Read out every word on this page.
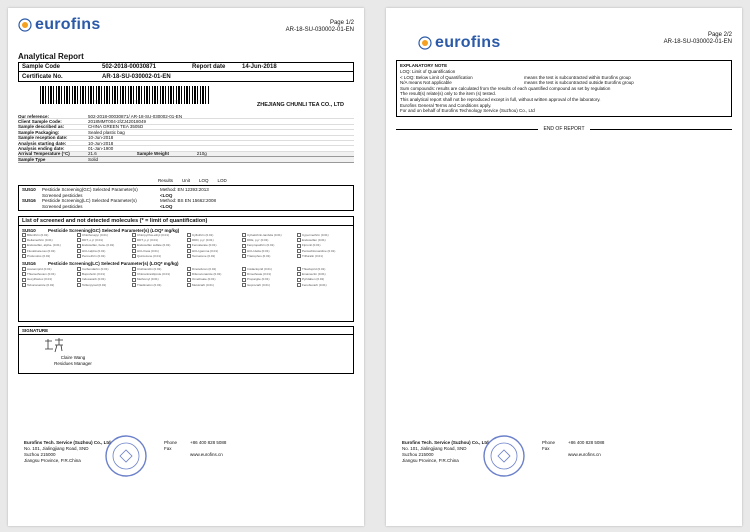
eurofins	Page 1/2
AR-18-SU-030002-01-EN
Analytical Report
Sample Code	502-2018-00030871	Report date	14-Jun-2018
Certificate No.	AR-18-SU-030002-01-EN
ZHEJIANG CHUNLI TEA CO., LTD
Our reference:	502-2018-00030871/ AR-18-SU-030002-01-EN
Client Sample Code:	2018MMT004-2/ZJ42018049
Sample described as:	CHINA GREEN TEA 3505D
Sample Packaging:	Sealed plastic bag
Sample reception date:	10-Jun-2018
Analysis starting date:	10-Jun-2018
Analysis ending date:	01-Jan-1900
Arrival Temperature (°C)	21.6	Sample Weight	210g
Sample Type	Solid
Results Unit LOQ LOD
SU510	Pesticide Screening(GC) Selected Parameter(s)	Method: EN 12393:2013
Screened pesticides	<LOQ
SU516	Pesticide Screening(LC) Selected Parameter(s)	Method: BS EN 15662:2008
Screened pesticides	<LOQ
List of screened and not detected molecules (* = limit of quantification)
SU510	Pesticide Screening(GC) Selected Parameter(s) (LOQ* mg/kg)
Bifenthrin (0.01)	Chlorfenapyr (0.01)	Chlorpyrifos-ethyl (0.01)	Cyfluthrin (0.01)	Cyhalothrin-lambda (0.01)	Cypermethrin (0.01)
Deltamethrin (0.01)	DDT, o,p' (0.01)	DDT, p,p' (0.01)	DDD, p,p' (0.01)	DDE, p,p' (0.01)	Endosulfan (0.01)
Endosulfan, alpha- (0.01)	Endosulfan, beta- (0.01)	Endosulfan sulfate (0.01)	Fenvalerate (0.01)	Fenpropathrin (0.01)	Fipronil (0.01)
Fluvalinate-tau (0.01)	HCH alpha (0.01)	HCH beta (0.01)	HCH gamma (0.01)	HCH delta (0.01)	Pentachloroaniline (0.01)
Profenofos (0.01)	Permethrin (0.01)	Quintozene (0.01)	Tecnazene (0.01)	Triazophos (0.01)	Trifluralin (0.01)
SU516	Pesticide Screening(LC) Selected Parameter(s) (LOQ* mg/kg)
Acetamiprid (0.01)	Carbendazim (0.01)	Clothianidin (0.01)	Dinotefuran (0.01)	Imidacloprid (0.01)	Thiacloprid (0.01)
Thiamethoxam (0.01)	Buprofezin (0.01)	Chlorantraniliprole (0.01)	Difenoconazole (0.01)	Dimethoate (0.01)	Emamectin (0.01)
Hexythiazox (0.01)	Indoxacarb (0.01)	Methomyl (0.01)	Omethoate (0.01)	Propargite (0.01)	Pyridaben (0.01)
Tebuconazole (0.01)	Tolfenpyrad (0.01)	Triadimefon (0.01)	Metolcarb (0.01)	Isoprocarb (0.01)	Fenobucarb (0.01)
SIGNATURE
Claire Wang
Residues Manager
Eurofins Tech. Service (Suzhou) Co., Ltd
No. 101, Jialingjiang Road, SND
Suzhou 215000
Jiangsu Province, P.R.China
Phone	+86 400 828 5088
Fax
www.eurofins.cn
eurofins	Page 2/2
AR-18-SU-030002-01-EN
EXPLANATORY NOTE
LOQ: Limit of Quantification
< LOQ: Below Limit of Quantification	means the test is subcontracted within Eurofins group
N/A means Not applicable	means the test is subcontracted outside Eurofins group
Sum compounds: results are calculated from the results of each quantified compound as set by regulation
The result(s) relate(s) only to the item (s) tested.
This analytical report shall not be reproduced except in full, without written approval of the laboratory.
Eurofins General Terms and Conditions apply.
For and on behalf of Eurofins Technology Service (Suzhou) Co., Ltd
END OF REPORT
Eurofins Tech. Service (Suzhou) Co., Ltd
No. 101, Jialingjiang Road, SND
Suzhou 215000
Jiangsu Province, P.R.China
Phone	+86 400 828 5088
Fax
www.eurofins.cn
